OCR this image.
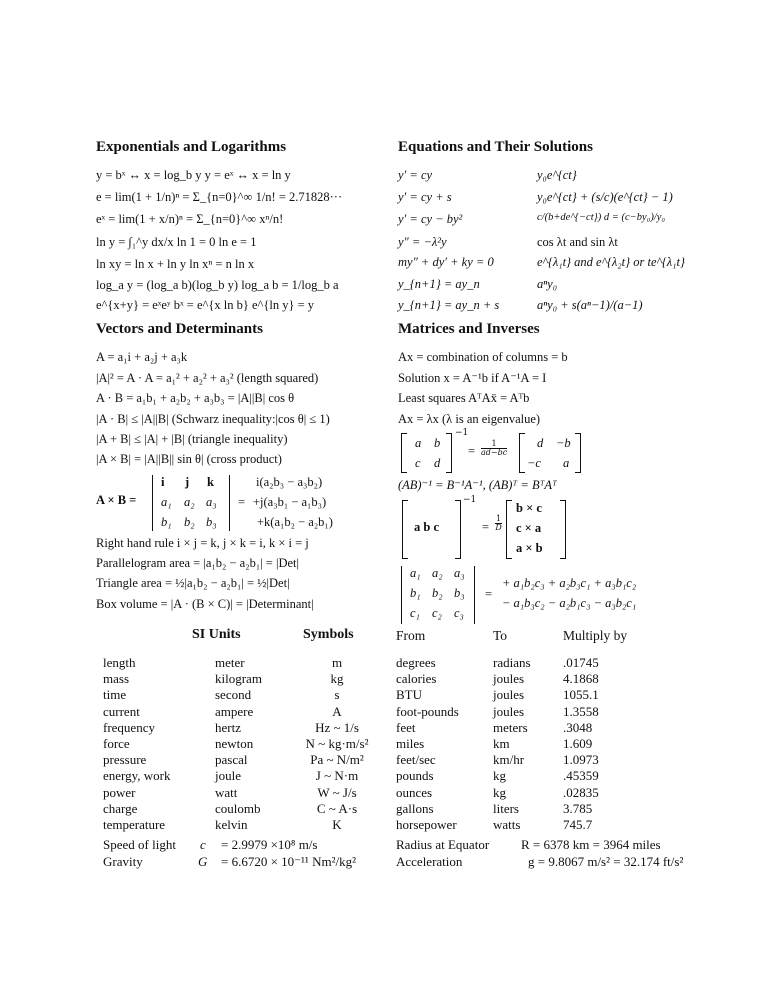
Exponentials and Logarithms
y = bˣ ↔ x = log_b y y = eˣ ↔ x = ln y
e = lim(1 + 1/n)ⁿ = Σ_{n=0}^∞ 1/n! = 2.71828···
eˣ = lim(1 + x/n)ⁿ = Σ_{n=0}^∞ xⁿ/n!
ln y = ∫₁^y dx/x ln 1 = 0 ln e = 1
ln xy = ln x + ln y ln xⁿ = n ln x
log_a y = (log_a b)(log_b y) log_a b = 1/log_b a
e^{x+y} = eˣeʸ bˣ = e^{x ln b} e^{ln y} = y
Equations and Their Solutions
y′ = cy	y₀e^{ct}
y′ = cy + s	y₀e^{ct} + (s/c)(e^{ct} − 1)
y′ = cy − by²	c/(b+de^{−ct}) d = (c−by₀)/y₀
y″ = −λ²y	cos λt and sin λt
my″ + dy′ + ky = 0	e^{λ₁t} and e^{λ₂t} or te^{λ₁t}
y_{n+1} = ay_n	aⁿy₀
y_{n+1} = ay_n + s	aⁿy₀ + s(aⁿ−1)/(a−1)
Vectors and Determinants
A = a₁i + a₂j + a₃k
|A|² = A · A = a₁² + a₂² + a₃² (length squared)
A · B = a₁b₁ + a₂b₂ + a₃b₃ = |A||B| cos θ
|A · B| ≤ |A||B| (Schwarz inequality:|cos θ| ≤ 1)
|A + B| ≤ |A| + |B| (triangle inequality)
|A × B| = |A||B|| sin θ| (cross product)
A × B =
i j k
a₁ a₂ a₃
b₁ b₂ b₃
=
i(a₂b₃ − a₃b₂)
+j(a₃b₁ − a₁b₃)
+k(a₁b₂ − a₂b₁)
Right hand rule i × j = k, j × k = i, k × i = j
Parallelogram area = |a₁b₂ − a₂b₁| = |Det|
Triangle area = ½|a₁b₂ − a₂b₁| = ½|Det|
Box volume = |A · (B × C)| = |Determinant|
Matrices and Inverses
Ax = combination of columns = b
Solution x = A⁻¹b if A⁻¹A = I
Least squares AᵀAx̄ = Aᵀb
Ax = λx (λ is an eigenvalue)
a b
c d
−1
= $\frac{1}{ad-bc}$ d −b
−c a
(AB)⁻¹ = B⁻¹A⁻¹, (AB)ᵀ = BᵀAᵀ
a b c
−1
= $\frac{1}{D}$
b × c
c × a
a × b
a₁ a₂ a₃
b₁ b₂ b₃
c₁ c₂ c₃
=
+ a₁b₂c₃ + a₂b₃c₁ + a₃b₁c₂
− a₁b₃c₂ − a₂b₁c₃ − a₃b₂c₁
SI Units	Symbols
length	meter	m
mass	kilogram	kg
time	second	s
current	ampere	A
frequency	hertz	Hz ~ 1/s
force	newton	N ~ kg·m/s²
pressure	pascal	Pa ~ N/m²
energy, work	joule	J ~ N·m
power	watt	W ~ J/s
charge	coulomb	C ~ A·s
temperature	kelvin	K
Speed of light c = 2.9979 ×10⁸ m/s
Gravity	G = 6.6720 × 10⁻¹¹ Nm²/kg²
From	To	Multiply by
degrees	radians .01745
calories	joules	4.1868
BTU	joules	1055.1
foot-pounds	joules	1.3558
feet	meters	.3048
miles	km	1.609
feet/sec	km/hr	1.0973
pounds	kg	.45359
ounces	kg	.02835
gallons	liters	3.785
horsepower	watts	745.7
Radius at Equator R = 6378 km = 3964 miles
Acceleration	g = 9.8067 m/s² = 32.174 ft/s²
